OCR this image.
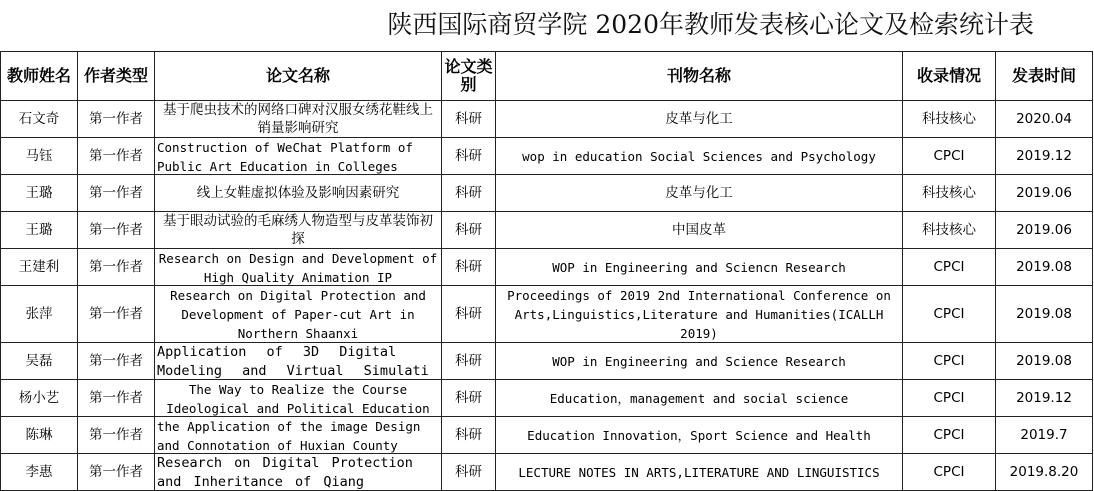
陕西国际商贸学院 2020年教师发表核心论文及检索统计表
教师姓名	作者类型	论文名称	论文类别	刊物名称	收录情况	发表时间
石文奇	第一作者	基于爬虫技术的网络口碑对汉服女绣花鞋线上销量影响研究	科研	皮革与化工	科技核心	2020.04
马钰	第一作者	Construction of WeChat Platform of Public Art Education in Colleges	科研	wop in education Social Sciences and Psychology	CPCI	2019.12
王璐	第一作者	线上女鞋虚拟体验及影响因素研究	科研	皮革与化工	科技核心	2019.06
王璐	第一作者	基于眼动试验的毛麻绣人物造型与皮革装饰初探	科研	中国皮革	科技核心	2019.06
王建利	第一作者	Research on Design and Development of High Quality Animation IP	科研	WOP in Engineering and Sciencn Research	CPCI	2019.08
张萍	第一作者	Research on Digital Protection and Development of Paper-cut Art in Northern Shaanxi	科研	Proceedings of 2019 2nd International Conference on Arts,Linguistics,Literature and Humanities(ICALLH 2019)	CPCI	2019.08
吴磊	第一作者	Application of 3D Digital Modeling and Virtual Simulati	科研	WOP in Engineering and Science Research	CPCI	2019.08
杨小艺	第一作者	The Way to Realize the Course Ideological and Political Education	科研	Education，management and social science	CPCI	2019.12
陈琳	第一作者	the Application of the image Design and Connotation of Huxian County	科研	Education Innovation，Sport Science and Health	CPCI	2019.7
李惠	第一作者	Research on Digital Protection and Inheritance of Qiang	科研	LECTURE NOTES IN ARTS,LITERATURE AND LINGUISTICS	CPCI	2019.8.20
